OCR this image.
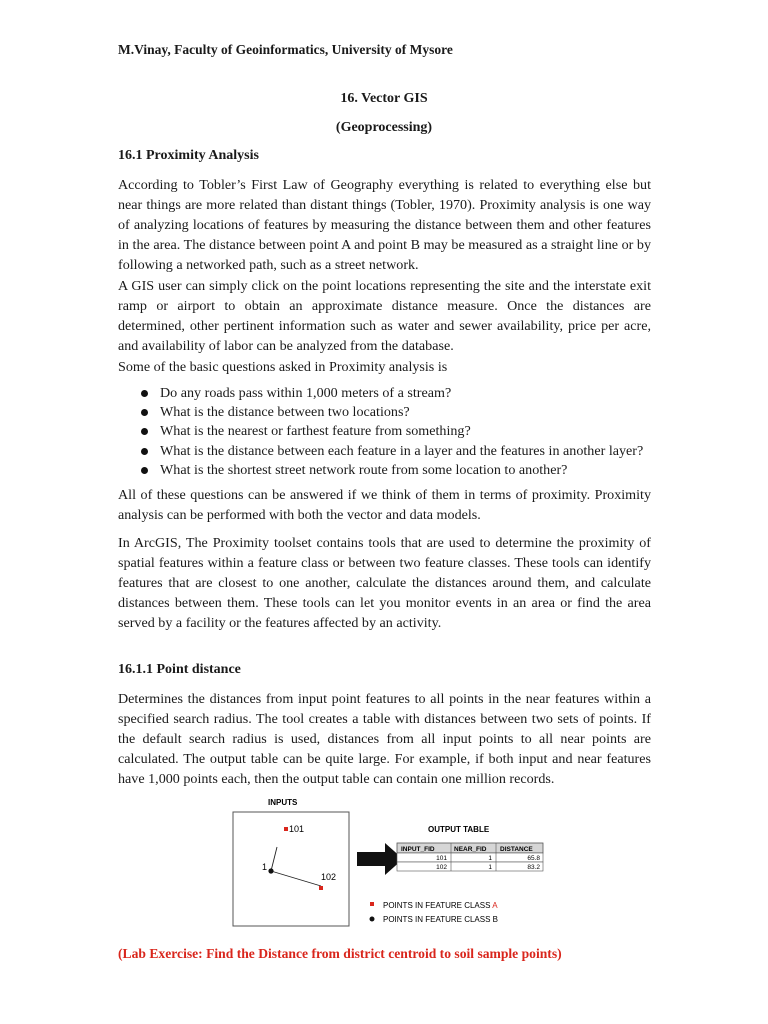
M.Vinay, Faculty of Geoinformatics, University of Mysore
16. Vector GIS
(Geoprocessing)
16.1 Proximity Analysis

According to Tobler’s First Law of Geography everything is related to everything else but near things are more related than distant things (Tobler, 1970). Proximity analysis is one way of analyzing locations of features by measuring the distance between them and other features in the area. The distance between point A and point B may be measured as a straight line or by following a networked path, such as a street network.

A GIS user can simply click on the point locations representing the site and the interstate exit ramp or airport to obtain an approximate distance measure. Once the distances are determined, other pertinent information such as water and sewer availability, price per acre, and availability of labor can be analyzed from the database.

Some of the basic questions asked in Proximity analysis is

Do any roads pass within 1,000 meters of a stream?
What is the distance between two locations?
What is the nearest or farthest feature from something?
What is the distance between each feature in a layer and the features in another layer?
What is the shortest street network route from some location to another?

All of these questions can be answered if we think of them in terms of proximity. Proximity analysis can be performed with both the vector and data models.

In ArcGIS, The Proximity toolset contains tools that are used to determine the proximity of spatial features within a feature class or between two feature classes. These tools can identify features that are closest to one another, calculate the distances around them, and calculate distances between them. These tools can let you monitor events in an area or find the area served by a facility or the features affected by an activity.

16.1.1 Point distance

Determines the distances from input point features to all points in the near features within a specified search radius. The tool creates a table with distances between two sets of points. If the default search radius is used, distances from all input points to all near points are calculated. The output table can be quite large. For example, if both input and near features have 1,000 points each, then the output table can contain one million records.

INPUTS
101
1
102
OUTPUT TABLE
INPUT_FID	NEAR_FID DISTANCE
101	1	65.8
102	1	83.2
POINTS IN FEATURE CLASS A
POINTS IN FEATURE CLASS B
(Lab Exercise: Find the Distance from district centroid to soil sample points)
